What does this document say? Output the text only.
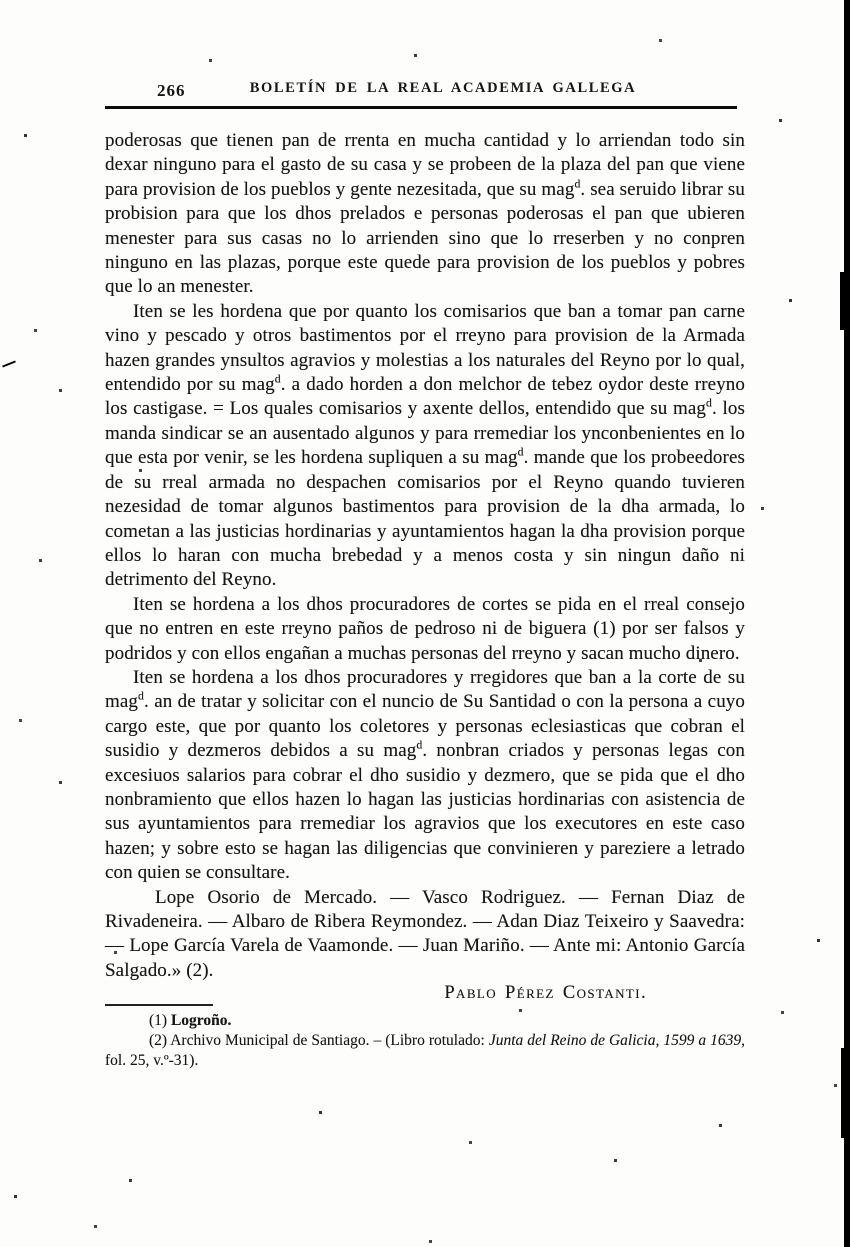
266	BOLETÍN DE LA REAL ACADEMIA GALLEGA

poderosas que tienen pan de rrenta en mucha cantidad y lo arriendan todo sin dexar ninguno para el gasto de su casa y se probeen de la plaza del pan que viene para provision de los pueblos y gente nezesitada, que su mag$^d$. sea seruido librar su probision para que los dhos prelados e personas poderosas el pan que ubieren menester para sus casas no lo arrienden sino que lo rreserben y no conpren ninguno en las plazas, porque este quede para provision de los pueblos y pobres que lo an menester.

Iten se les hordena que por quanto los comisarios que ban a tomar pan carne vino y pescado y otros bastimentos por el rreyno para provision de la Armada hazen grandes ynsultos agravios y molestias a los naturales del Reyno por lo qual, entendido por su mag$^d$. a dado horden a don melchor de tebez oydor deste rreyno los castigase. = Los quales comisarios y axente dellos, entendido que su mag$^d$. los manda sindicar se an ausentado algunos y para rremediar los ynconbenientes en lo que esta por venir, se les hordena supliquen a su mag$^d$. mande que los probeedores de su rreal armada no despachen comisarios por el Reyno quando tuvieren nezesidad de tomar algunos bastimentos para provision de la dha armada, lo cometan a las justicias hordinarias y ayuntamientos hagan la dha provision porque ellos lo haran con mucha brebedad y a menos costa y sin ningun daño ni detrimento del Reyno.

Iten se hordena a los dhos procuradores de cortes se pida en el rreal consejo que no entren en este rreyno paños de pedroso ni de biguera (1) por ser falsos y podridos y con ellos engañan a muchas personas del rreyno y sacan mucho dinero.

Iten se hordena a los dhos procuradores y rregidores que ban a la corte de su mag$^d$. an de tratar y solicitar con el nuncio de Su Santidad o con la persona a cuyo cargo este, que por quanto los coletores y personas eclesiasticas que cobran el susidio y dezmeros debidos a su mag$^d$. nonbran criados y personas legas con excesiuos salarios para cobrar el dho susidio y dezmero, que se pida que el dho nonbramiento que ellos hazen lo hagan las justicias hordinarias con asistencia de sus ayuntamientos para rremediar los agravios que los executores en este caso hazen; y sobre esto se hagan las diligencias que convinieren y pareziere a letrado con quien se consultare.

Lope Osorio de Mercado. — Vasco Rodriguez. — Fernan Diaz de Rivadeneira. — Albaro de Ribera Reymondez. — Adan Diaz Teixeiro y Saavedra: — Lope García Varela de Vaamonde. — Juan Mariño. — Ante mi: Antonio García Salgado.» (2).

Pablo Pérez Costanti.

(1) Logroño.

(2) Archivo Municipal de Santiago. – (Libro rotulado: Junta del Reino de Galicia, 1599 a 1639, fol. 25, v.º-31).
